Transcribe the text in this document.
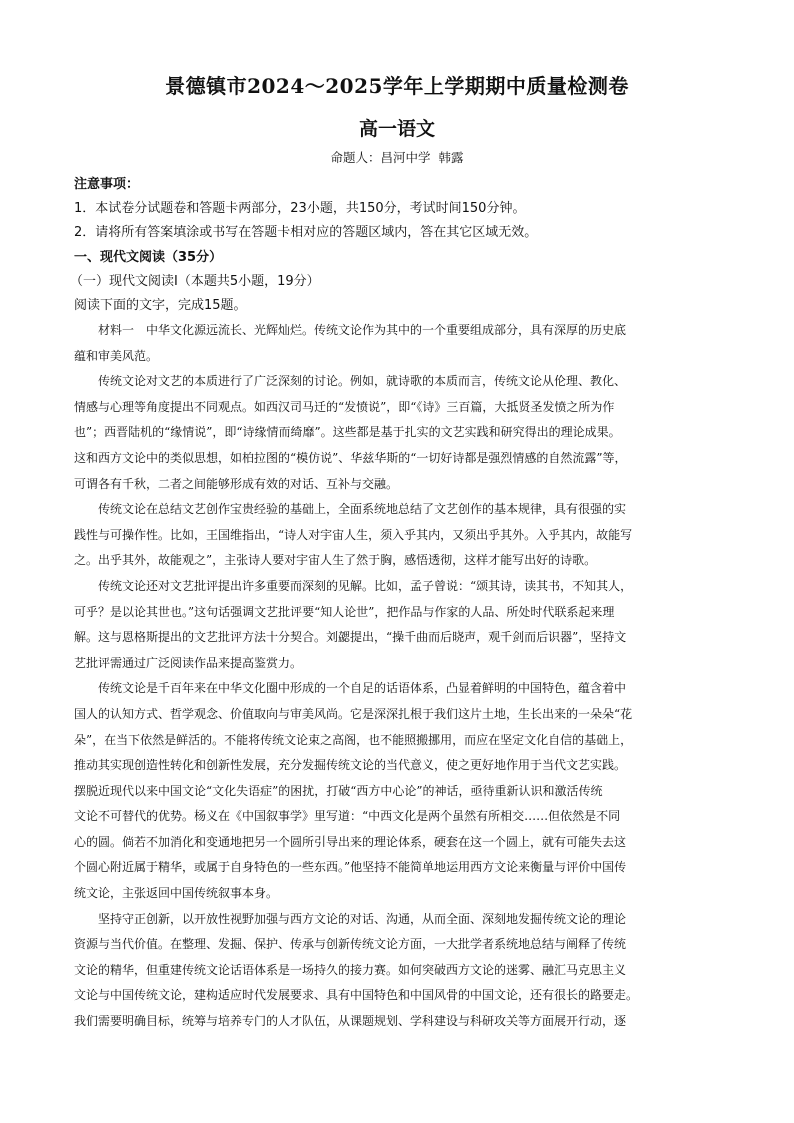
景德镇市2024～2025学年上学期期中质量检测卷
高一语文
命题人：昌河中学 韩露
注意事项：
1．本试卷分试题卷和答题卡两部分，23小题，共150分，考试时间150分钟。
2．请将所有答案填涂或书写在答题卡相对应的答题区域内，答在其它区域无效。
一、现代文阅读（35分）
（一）现代文阅读Ⅰ（本题共5小题，19分）
阅读下面的文字，完成15题。
材料一　中华文化源远流长、光辉灿烂。传统文论作为其中的一个重要组成部分，具有深厚的历史底
蕴和审美风范。
传统文论对文艺的本质进行了广泛深刻的讨论。例如，就诗歌的本质而言，传统文论从伦理、教化、
情感与心理等角度提出不同观点。如西汉司马迁的“发愤说”，即“《诗》三百篇，大抵贤圣发愤之所为作
也”；西晋陆机的“缘情说”，即“诗缘情而绮靡”。这些都是基于扎实的文艺实践和研究得出的理论成果。
这和西方文论中的类似思想，如柏拉图的“模仿说”、华兹华斯的“一切好诗都是强烈情感的自然流露”等，
可谓各有千秋，二者之间能够形成有效的对话、互补与交融。
传统文论在总结文艺创作宝贵经验的基础上，全面系统地总结了文艺创作的基本规律，具有很强的实
践性与可操作性。比如，王国维指出，“诗人对宇宙人生，须入乎其内，又须出乎其外。入乎其内，故能写
之。出乎其外，故能观之”，主张诗人要对宇宙人生了然于胸，感悟透彻，这样才能写出好的诗歌。
传统文论还对文艺批评提出许多重要而深刻的见解。比如，孟子曾说：“颂其诗，读其书，不知其人，
可乎？是以论其世也。”这句话强调文艺批评要“知人论世”，把作品与作家的人品、所处时代联系起来理
解。这与恩格斯提出的文艺批评方法十分契合。刘勰提出，“操千曲而后晓声，观千剑而后识器”，坚持文
艺批评需通过广泛阅读作品来提高鉴赏力。
传统文论是千百年来在中华文化圈中形成的一个自足的话语体系，凸显着鲜明的中国特色，蕴含着中
国人的认知方式、哲学观念、价值取向与审美风尚。它是深深扎根于我们这片土地，生长出来的一朵朵“花
朵”，在当下依然是鲜活的。不能将传统文论束之高阁，也不能照搬挪用，而应在坚定文化自信的基础上，
推动其实现创造性转化和创新性发展，充分发掘传统文论的当代意义，使之更好地作用于当代文艺实践。
摆脱近现代以来中国文论“文化失语症”的困扰，打破“西方中心论”的神话，亟待重新认识和激活传统
文论不可替代的优势。杨义在《中国叙事学》里写道：“中西文化是两个虽然有所相交……但依然是不同
心的圆。倘若不加消化和变通地把另一个圆所引导出来的理论体系，硬套在这一个圆上，就有可能失去这
个圆心附近属于精华，或属于自身特色的一些东西。”他坚持不能简单地运用西方文论来衡量与评价中国传
统文论，主张返回中国传统叙事本身。
坚持守正创新，以开放性视野加强与西方文论的对话、沟通，从而全面、深刻地发掘传统文论的理论
资源与当代价值。在整理、发掘、保护、传承与创新传统文论方面，一大批学者系统地总结与阐释了传统
文论的精华，但重建传统文论话语体系是一场持久的接力赛。如何突破西方文论的迷雾、融汇马克思主义
文论与中国传统文论，建构适应时代发展要求、具有中国特色和中国风骨的中国文论，还有很长的路要走。
我们需要明确目标，统筹与培养专门的人才队伍，从课题规划、学科建设与科研攻关等方面展开行动，逐
